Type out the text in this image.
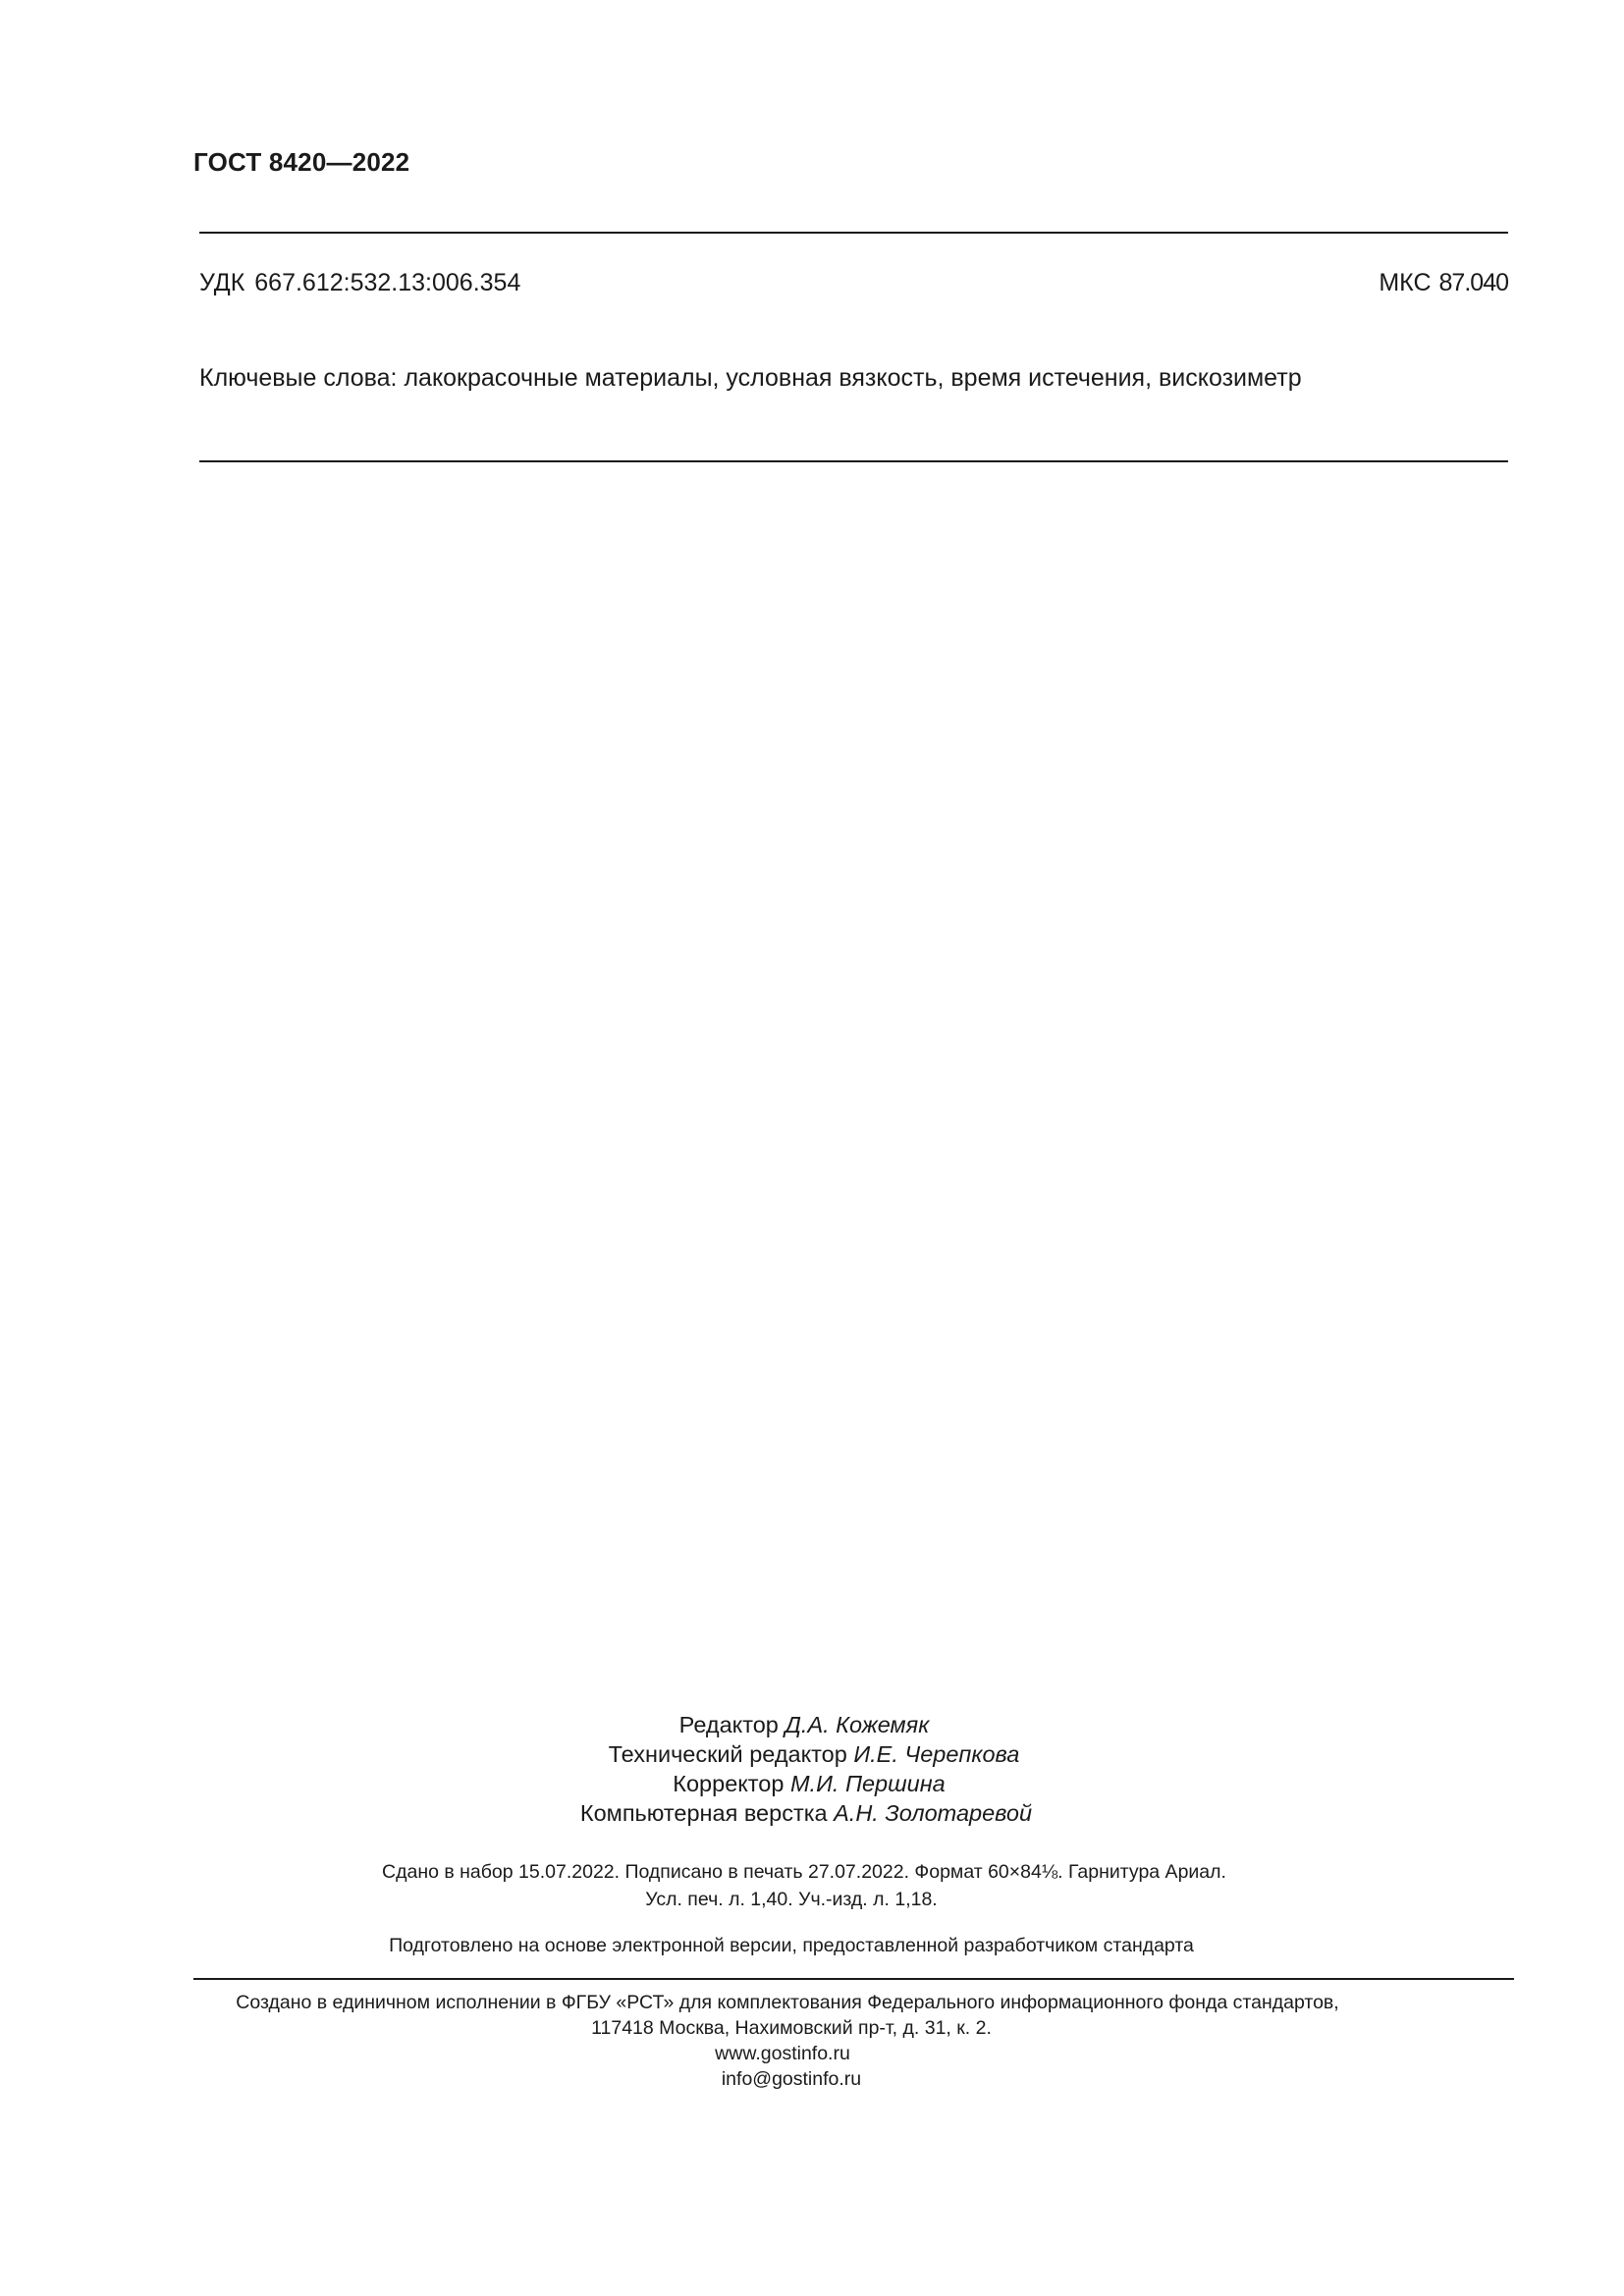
ГОСТ 8420—2022
УДК 667.612:532.13:006.354	МКС 87.040
Ключевые слова: лакокрасочные материалы, условная вязкость, время истечения, вискозиметр
Редактор Д.А. Кожемяк
Технический редактор И.Е. Черепкова
Корректор М.И. Першина
Компьютерная верстка А.Н. Золотаревой
Сдано в набор 15.07.2022. Подписано в печать 27.07.2022. Формат 60×84⅛. Гарнитура Ариал.
Усл. печ. л. 1,40. Уч.-изд. л. 1,18.
Подготовлено на основе электронной версии, предоставленной разработчиком стандарта
Создано в единичном исполнении в ФГБУ «РСТ» для комплектования Федерального информационного фонда стандартов,
117418 Москва, Нахимовский пр-т, д. 31, к. 2.
www.gostinfo.ru
info@gostinfo.ru
